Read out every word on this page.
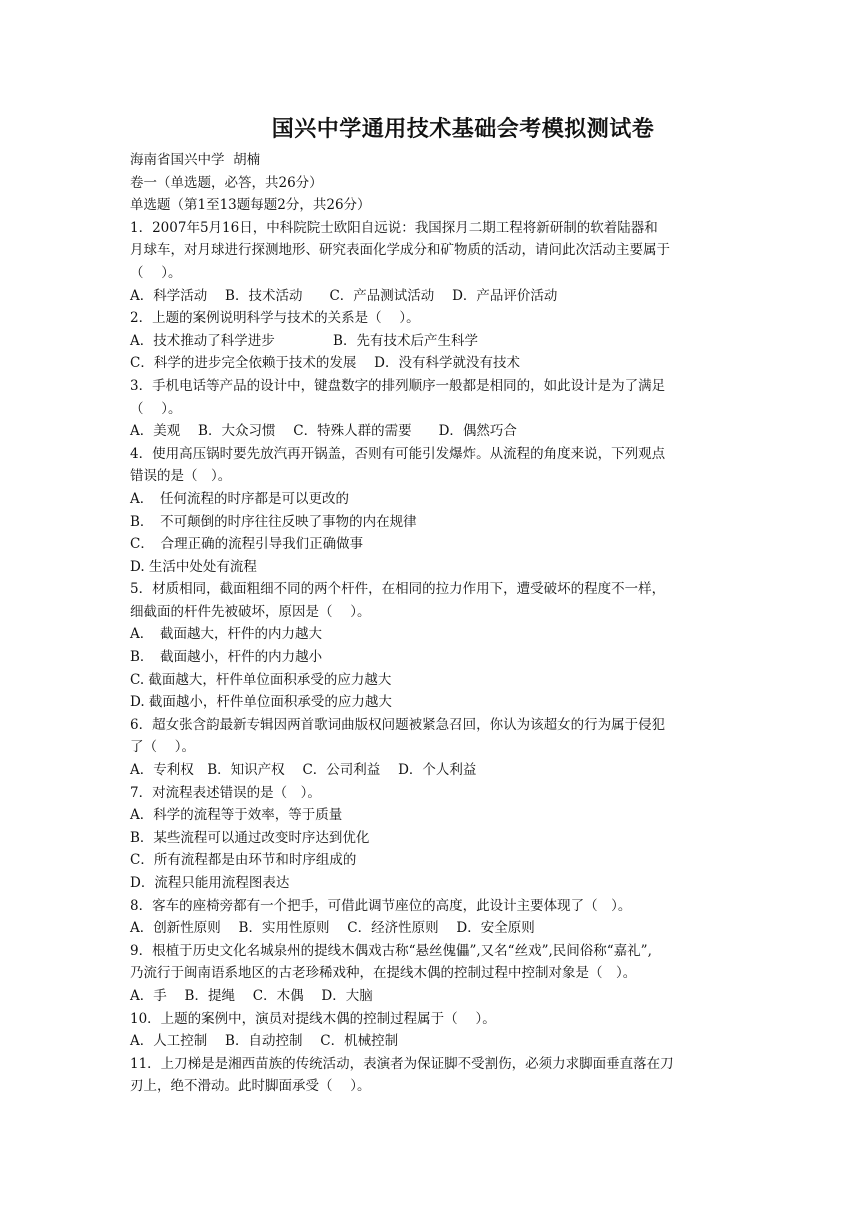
国兴中学通用技术基础会考模拟测试卷

海南省国兴中学  胡楠

卷一（单选题，必答，共26分）

单选题（第1至13题每题2分，共26分）

1．2007年5月16日，中科院院士欧阳自远说：我国探月二期工程将新研制的软着陆器和

月球车，对月球进行探测地形、研究表面化学成分和矿物质的活动，请问此次活动主要属于

（　 ）。

A．科学活动　 B．技术活动　　C．产品测试活动　 D．产品评价活动

2．上题的案例说明科学与技术的关系是（　 ）。

A．技术推动了科学进步　　　　 B．先有技术后产生科学

C．科学的进步完全依赖于技术的发展　 D．没有科学就没有技术

3．手机电话等产品的设计中，键盘数字的排列顺序一般都是相同的，如此设计是为了满足

（　 ）。

A．美观　 B．大众习惯　 C．特殊人群的需要　　D．偶然巧合

4．使用高压锅时要先放汽再开锅盖，否则有可能引发爆炸。从流程的角度来说，下列观点

错误的是（　）。

A．　任何流程的时序都是可以更改的

B．　不可颠倒的时序往往反映了事物的内在规律

C．　合理正确的流程引导我们正确做事

D. 生活中处处有流程

5．材质相同，截面粗细不同的两个杆件，在相同的拉力作用下，遭受破坏的程度不一样，

细截面的杆件先被破坏，原因是（　 ）。

A．　截面越大，杆件的内力越大

B．　截面越小，杆件的内力越小

C. 截面越大，杆件单位面积承受的应力越大

D. 截面越小，杆件单位面积承受的应力越大

6．超女张含韵最新专辑因两首歌词曲版权问题被紧急召回，你认为该超女的行为属于侵犯

了（　 ）。

A．专利权　B．知识产权　 C．公司利益　 D．个人利益

7．对流程表述错误的是（　）。

A．科学的流程等于效率，等于质量

B．某些流程可以通过改变时序达到优化

C．所有流程都是由环节和时序组成的

D．流程只能用流程图表达

8．客车的座椅旁都有一个把手，可借此调节座位的高度，此设计主要体现了（　）。

A．创新性原则　 B．实用性原则　 C．经济性原则　 D．安全原则

9．根植于历史文化名城泉州的提线木偶戏古称“悬丝傀儡”,又名“丝戏”,民间俗称“嘉礼”,

乃流行于闽南语系地区的古老珍稀戏种，在提线木偶的控制过程中控制对象是（　）。

A．手　 B．提绳　 C．木偶　 D．大脑

10．上题的案例中，演员对提线木偶的控制过程属于（　 ）。

A．人工控制　 B．自动控制　 C．机械控制

11．上刀梯是是湘西苗族的传统活动，表演者为保证脚不受割伤，必须力求脚面垂直落在刀

刃上，绝不滑动。此时脚面承受（　 ）。
